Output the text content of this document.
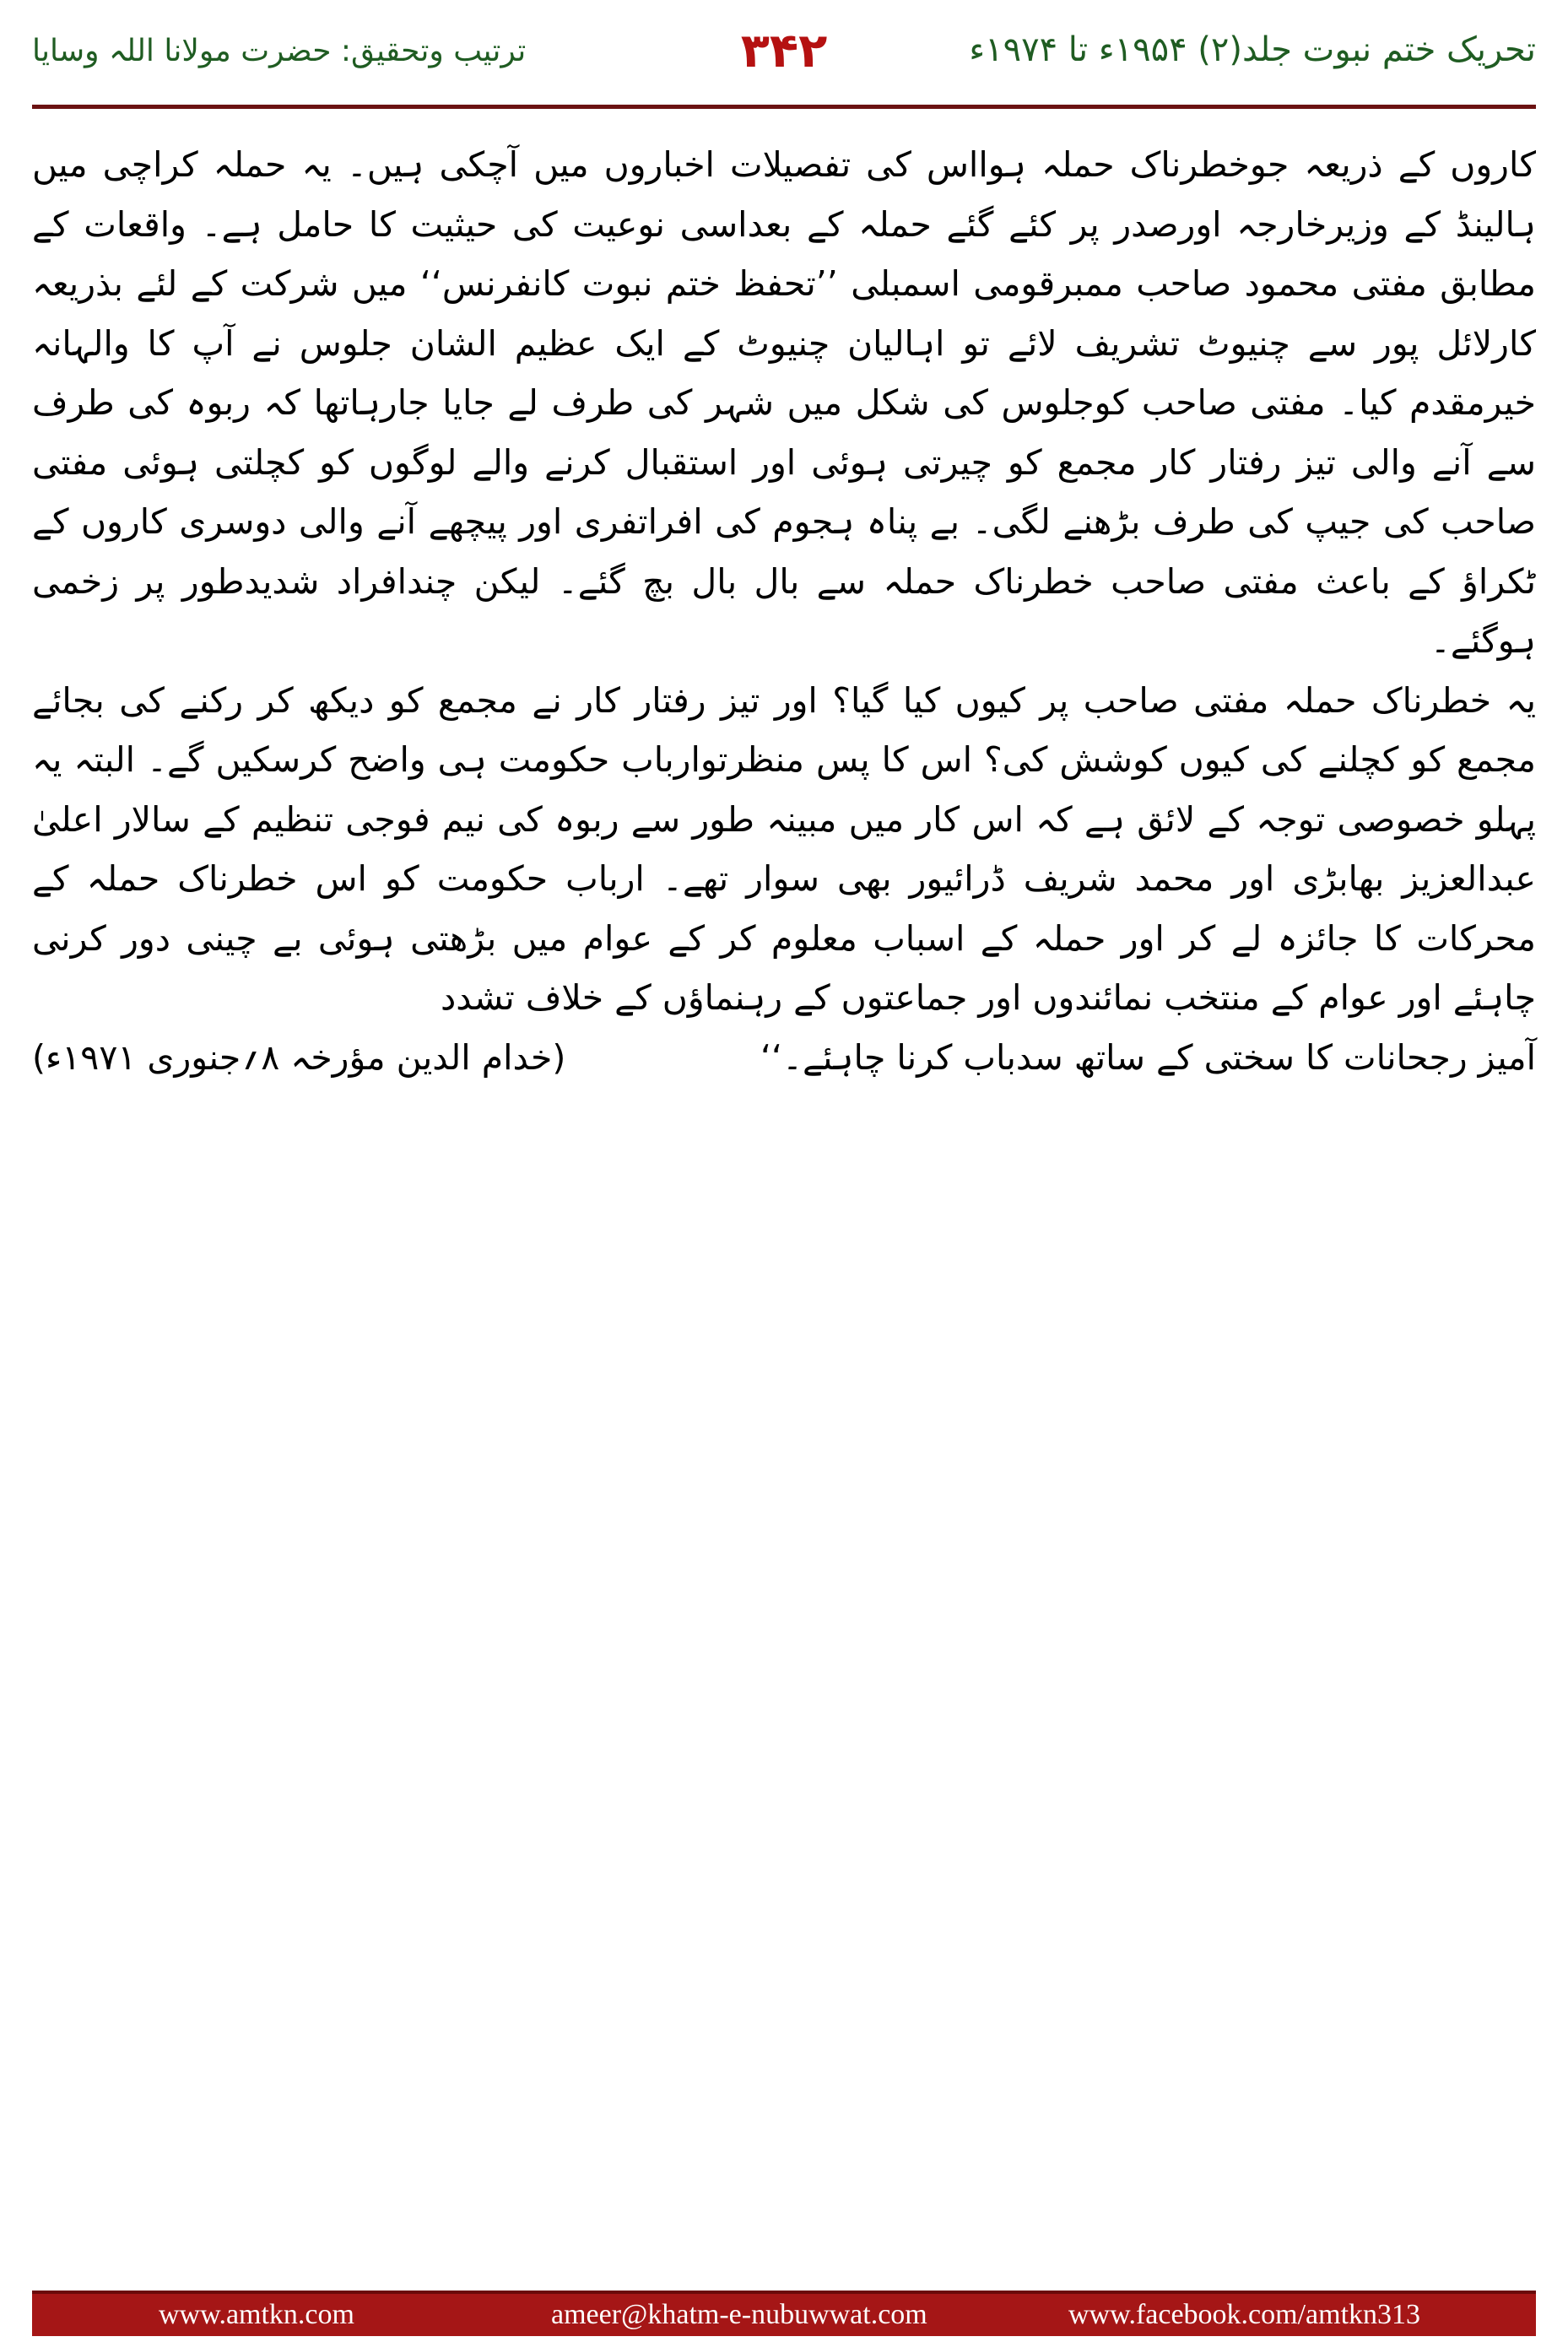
تحریک ختم نبوت جلد(۲) ۱۹۵۴ء تا ۱۹۷۴ء
۳۴۲
ترتیب وتحقیق: حضرت مولانا اللہ وسایا

کاروں کے ذریعہ جوخطرناک حملہ ہوااس کی تفصیلات اخباروں میں آچکی ہیں۔ یہ حملہ کراچی میں ہالینڈ کے وزیرخارجہ اورصدر پر کئے گئے حملہ کے بعداسی نوعیت کی حیثیت کا حامل ہے۔ واقعات کے مطابق مفتی محمود صاحب ممبرقومی اسمبلی ’’تحفظ ختم نبوت کانفرنس‘‘ میں شرکت کے لئے بذریعہ کارلائل پور سے چنیوٹ تشریف لائے تو اہالیان چنیوٹ کے ایک عظیم الشان جلوس نے آپ کا والہانہ خیرمقدم کیا۔ مفتی صاحب کوجلوس کی شکل میں شہر کی طرف لے جایا جارہاتھا کہ ربوہ کی طرف سے آنے والی تیز رفتار کار مجمع کو چیرتی ہوئی اور استقبال کرنے والے لوگوں کو کچلتی ہوئی مفتی صاحب کی جیپ کی طرف بڑھنے لگی۔ بے پناہ ہجوم کی افراتفری اور پیچھے آنے والی دوسری کاروں کے ٹکراؤ کے باعث مفتی صاحب خطرناک حملہ سے بال بال بچ گئے۔ لیکن چندافراد شدیدطور پر زخمی ہوگئے۔

یہ خطرناک حملہ مفتی صاحب پر کیوں کیا گیا؟ اور تیز رفتار کار نے مجمع کو دیکھ کر رکنے کی بجائے مجمع کو کچلنے کی کیوں کوشش کی؟ اس کا پس منظرتوارباب حکومت ہی واضح کرسکیں گے۔ البتہ یہ پہلو خصوصی توجہ کے لائق ہے کہ اس کار میں مبینہ طور سے ربوہ کی نیم فوجی تنظیم کے سالار اعلیٰ عبدالعزیز بھابڑی اور محمد شریف ڈرائیور بھی سوار تھے۔ ارباب حکومت کو اس خطرناک حملہ کے محرکات کا جائزہ لے کر اور حملہ کے اسباب معلوم کر کے عوام میں بڑھتی ہوئی بے چینی دور کرنی چاہئے اور عوام کے منتخب نمائندوں اور جماعتوں کے رہنماؤں کے خلاف تشدد

آمیز رجحانات کا سختی کے ساتھ سدباب کرنا چاہئے۔‘‘
(خدام الدین مؤرخہ ۸؍جنوری ۱۹۷۱ء)
www.amtkn.com	ameer@khatm-e-nubuwwat.com	www.facebook.com/amtkn313
